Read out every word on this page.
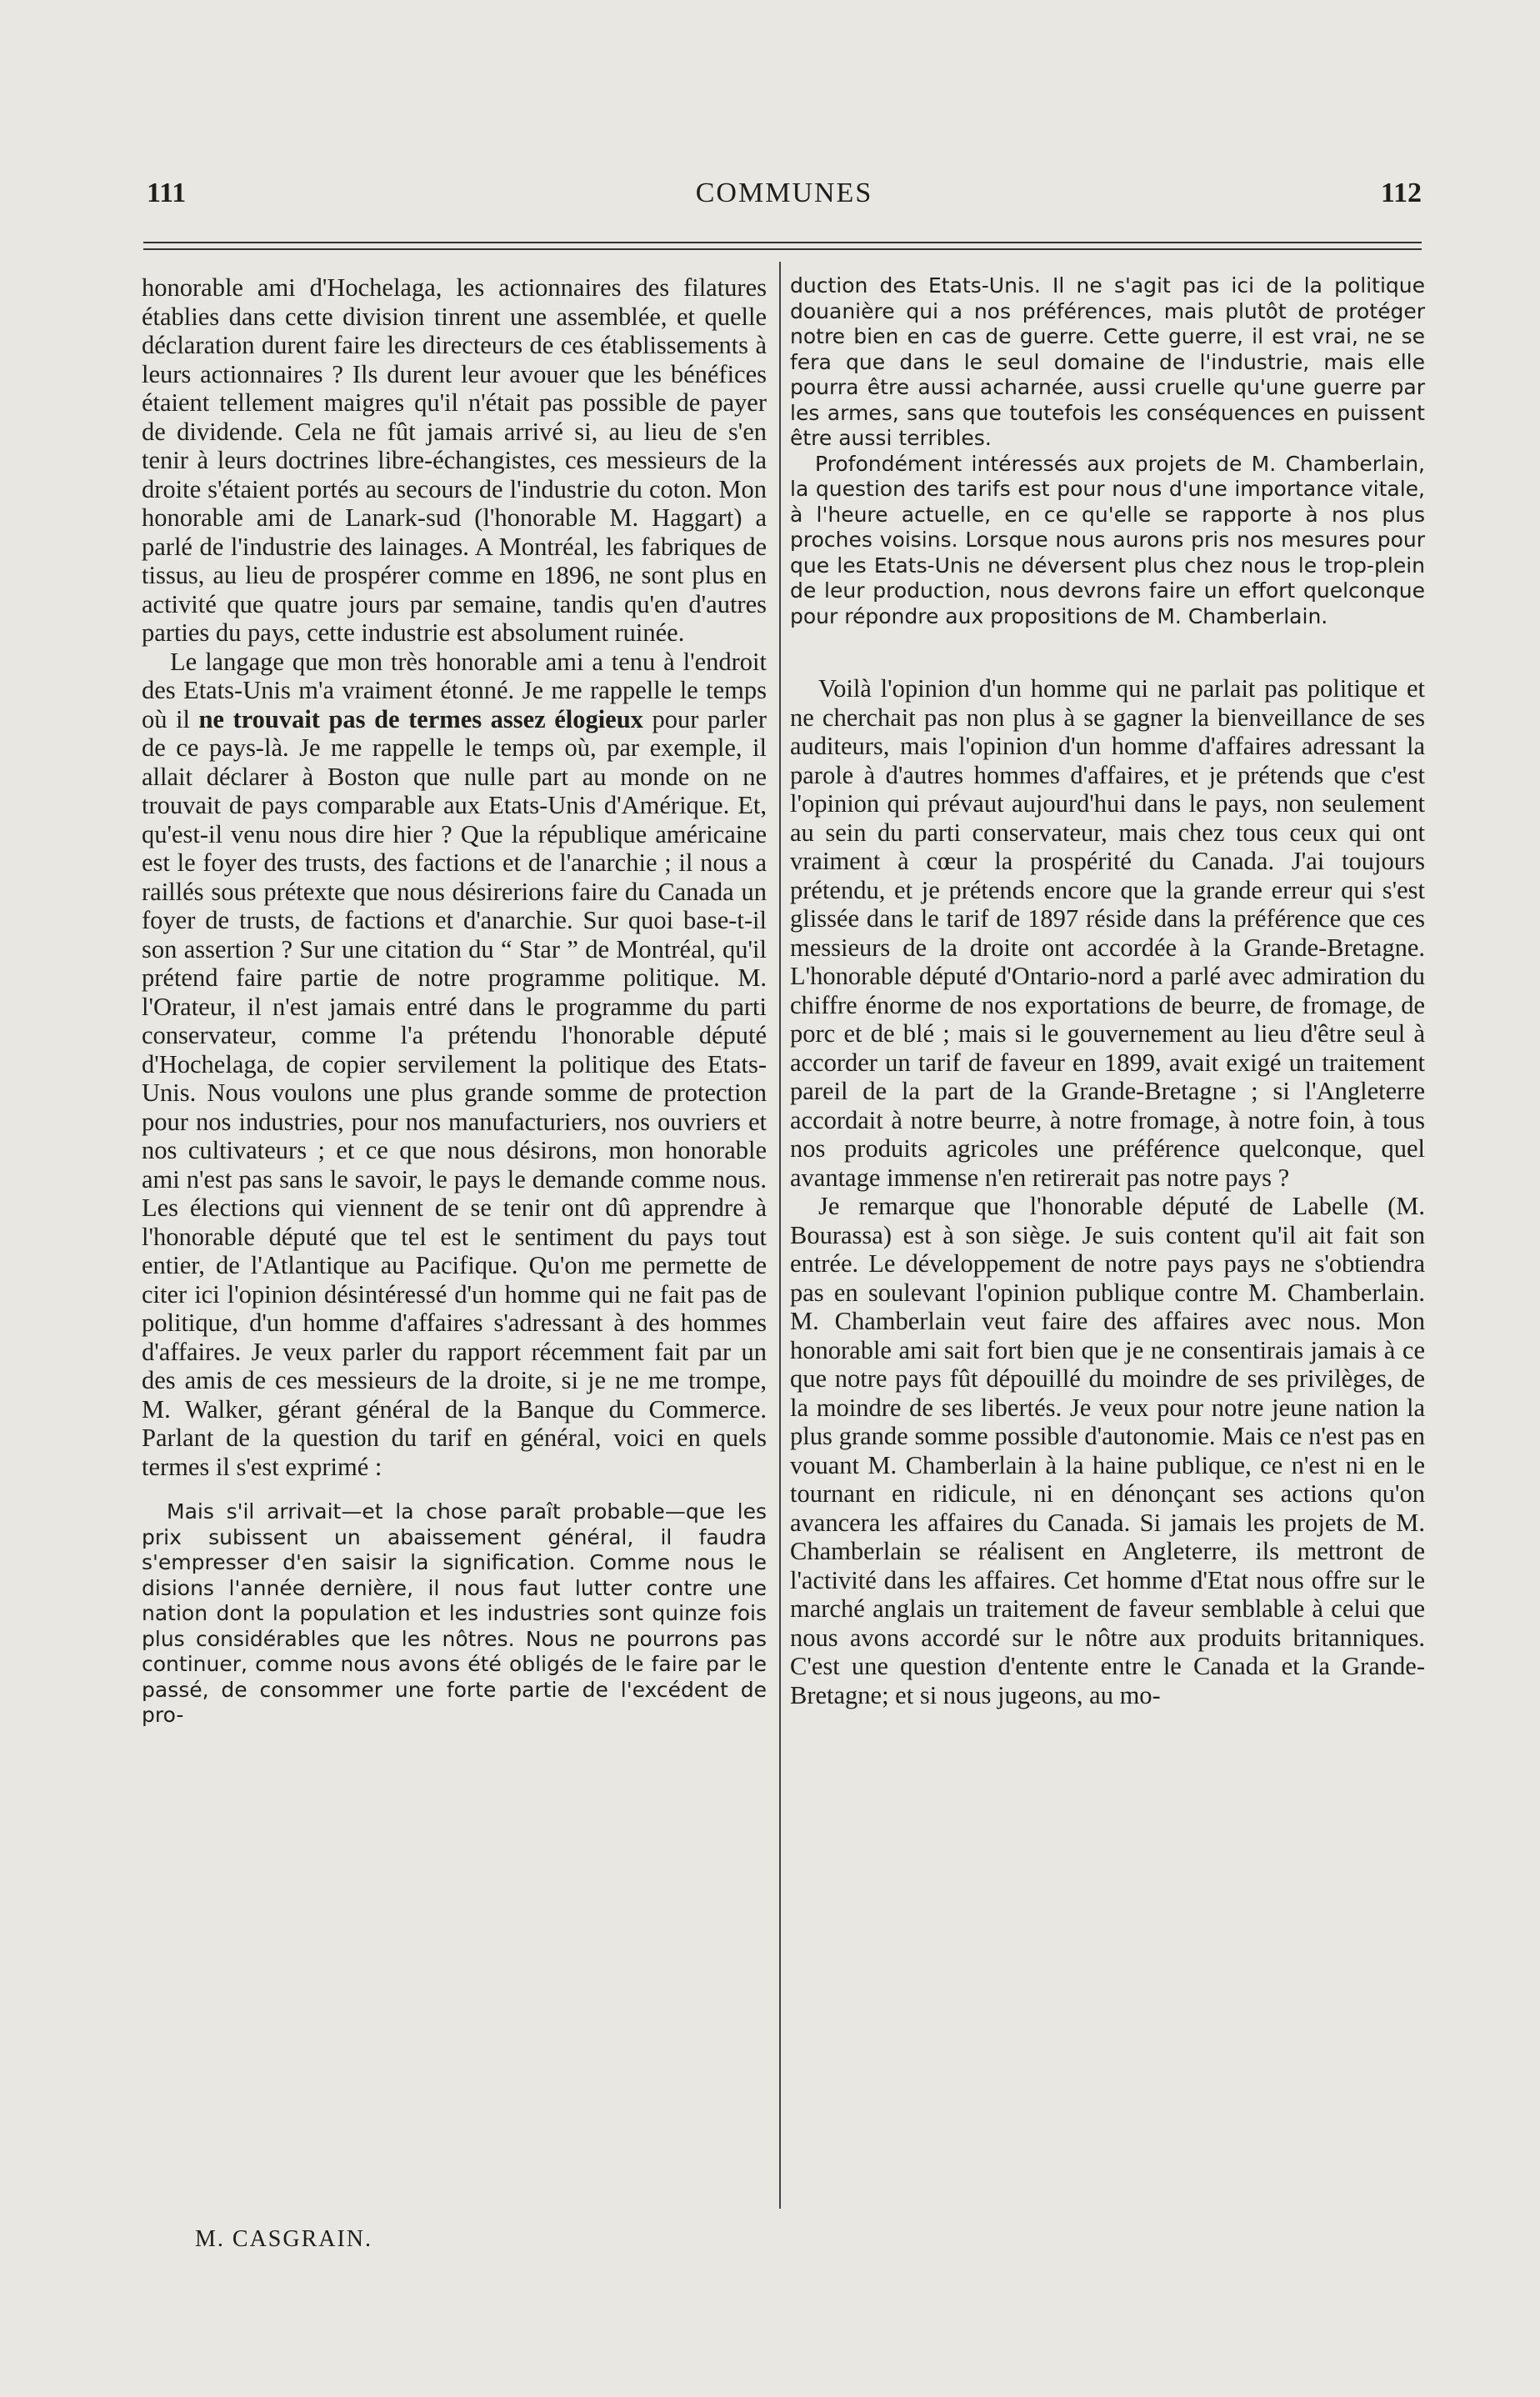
111	COMMUNES	112

honorable ami d'Hochelaga, les actionnaires des filatures établies dans cette division tinrent une assemblée, et quelle déclaration durent faire les directeurs de ces établissements à leurs actionnaires ? Ils durent leur avouer que les bénéfices étaient tellement maigres qu'il n'était pas possible de payer de dividende. Cela ne fût jamais arrivé si, au lieu de s'en tenir à leurs doctrines libre-échangistes, ces messieurs de la droite s'étaient portés au secours de l'industrie du coton. Mon honorable ami de Lanark-sud (l'honorable M. Haggart) a parlé de l'industrie des lainages. A Montréal, les fabriques de tissus, au lieu de prospérer comme en 1896, ne sont plus en activité que quatre jours par semaine, tandis qu'en d'autres parties du pays, cette industrie est absolument ruinée.

Le langage que mon très honorable ami a tenu à l'endroit des Etats-Unis m'a vraiment étonné. Je me rappelle le temps où il ne trouvait pas de termes assez élogieux pour parler de ce pays-là. Je me rappelle le temps où, par exemple, il allait déclarer à Boston que nulle part au monde on ne trouvait de pays comparable aux Etats-Unis d'Amérique. Et, qu'est-il venu nous dire hier ? Que la république américaine est le foyer des trusts, des factions et de l'anarchie ; il nous a raillés sous prétexte que nous désirerions faire du Canada un foyer de trusts, de factions et d'anarchie. Sur quoi base-t-il son assertion ? Sur une citation du “ Star ” de Montréal, qu'il prétend faire partie de notre programme politique. M. l'Orateur, il n'est jamais entré dans le programme du parti conservateur, comme l'a prétendu l'honorable député d'Hochelaga, de copier servilement la politique des Etats-Unis. Nous voulons une plus grande somme de protection pour nos industries, pour nos manufacturiers, nos ouvriers et nos cultivateurs ; et ce que nous désirons, mon honorable ami n'est pas sans le savoir, le pays le demande comme nous. Les élections qui viennent de se tenir ont dû apprendre à l'honorable député que tel est le sentiment du pays tout entier, de l'Atlantique au Pacifique. Qu'on me permette de citer ici l'opinion désintéressé d'un homme qui ne fait pas de politique, d'un homme d'affaires s'adressant à des hommes d'affaires. Je veux parler du rapport récemment fait par un des amis de ces messieurs de la droite, si je ne me trompe, M. Walker, gérant général de la Banque du Commerce. Parlant de la question du tarif en général, voici en quels termes il s'est exprimé :

Mais s'il arrivait—et la chose paraît probable—que les prix subissent un abaissement général, il faudra s'empresser d'en saisir la signification. Comme nous le disions l'année dernière, il nous faut lutter contre une nation dont la population et les industries sont quinze fois plus considérables que les nôtres. Nous ne pourrons pas continuer, comme nous avons été obligés de le faire par le passé, de consommer une forte partie de l'excédent de pro-

duction des Etats-Unis. Il ne s'agit pas ici de la politique douanière qui a nos préférences, mais plutôt de protéger notre bien en cas de guerre. Cette guerre, il est vrai, ne se fera que dans le seul domaine de l'industrie, mais elle pourra être aussi acharnée, aussi cruelle qu'une guerre par les armes, sans que toutefois les conséquences en puissent être aussi terribles.

Profondément intéressés aux projets de M. Chamberlain, la question des tarifs est pour nous d'une importance vitale, à l'heure actuelle, en ce qu'elle se rapporte à nos plus proches voisins. Lorsque nous aurons pris nos mesures pour que les Etats-Unis ne déversent plus chez nous le trop-plein de leur production, nous devrons faire un effort quelconque pour répondre aux propositions de M. Chamberlain.

Voilà l'opinion d'un homme qui ne parlait pas politique et ne cherchait pas non plus à se gagner la bienveillance de ses auditeurs, mais l'opinion d'un homme d'affaires adressant la parole à d'autres hommes d'affaires, et je prétends que c'est l'opinion qui prévaut aujourd'hui dans le pays, non seulement au sein du parti conservateur, mais chez tous ceux qui ont vraiment à cœur la prospérité du Canada. J'ai toujours prétendu, et je prétends encore que la grande erreur qui s'est glissée dans le tarif de 1897 réside dans la préférence que ces messieurs de la droite ont accordée à la Grande-Bretagne. L'honorable député d'Ontario-nord a parlé avec admiration du chiffre énorme de nos exportations de beurre, de fromage, de porc et de blé ; mais si le gouvernement au lieu d'être seul à accorder un tarif de faveur en 1899, avait exigé un traitement pareil de la part de la Grande-Bretagne ; si l'Angleterre accordait à notre beurre, à notre fromage, à notre foin, à tous nos produits agricoles une préférence quelconque, quel avantage immense n'en retirerait pas notre pays ?

Je remarque que l'honorable député de Labelle (M. Bourassa) est à son siège. Je suis content qu'il ait fait son entrée. Le développement de notre pays pays ne s'obtiendra pas en soulevant l'opinion publique contre M. Chamberlain. M. Chamberlain veut faire des affaires avec nous. Mon honorable ami sait fort bien que je ne consentirais jamais à ce que notre pays fût dépouillé du moindre de ses privilèges, de la moindre de ses libertés. Je veux pour notre jeune nation la plus grande somme possible d'autonomie. Mais ce n'est pas en vouant M. Chamberlain à la haine publique, ce n'est ni en le tournant en ridicule, ni en dénonçant ses actions qu'on avancera les affaires du Canada. Si jamais les projets de M. Chamberlain se réalisent en Angleterre, ils mettront de l'activité dans les affaires. Cet homme d'Etat nous offre sur le marché anglais un traitement de faveur semblable à celui que nous avons accordé sur le nôtre aux produits britanniques. C'est une question d'entente entre le Canada et la Grande-Bretagne; et si nous jugeons, au mo-

M. CASGRAIN.
